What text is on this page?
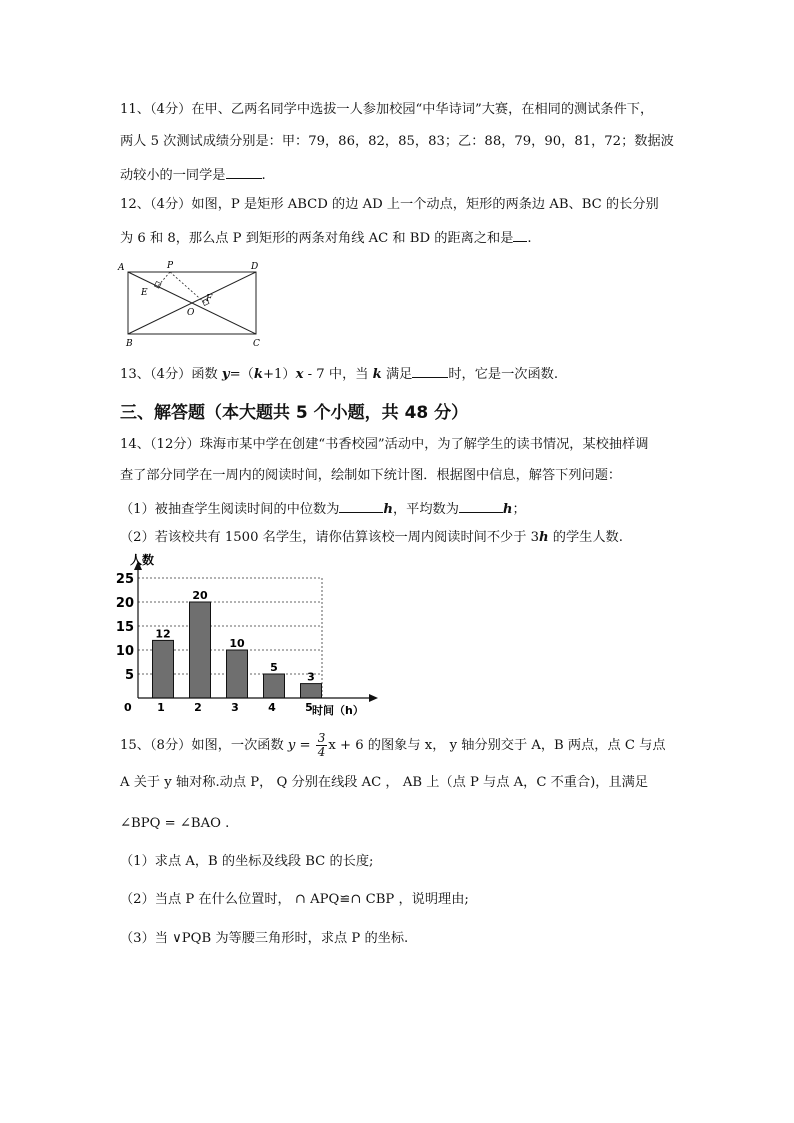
11、（4分）在甲、乙两名同学中选拔一人参加校园“中华诗词”大赛，在相同的测试条件下，
两人 5 次测试成绩分别是：甲：79，86，82，85，83；乙：88，79，90，81，72；数据波
动较小的一同学是	.
12、（4分）如图，P 是矩形 ABCD 的边 AD 上一个动点，矩形的两条边 AB、BC 的长分别
为 6 和 8，那么点 P 到矩形的两条对角线 AC 和 BD 的距离之和是 .
A	P	D
E
F
O
B	C
13、（4分）函数 y=（k+1）x - 7 中，当 k 满足	时，它是一次函数.
三、解答题（本大题共 5 个小题，共 48 分）
14、（12分）珠海市某中学在创建“书香校园”活动中，为了解学生的读书情况，某校抽样调
查了部分同学在一周内的阅读时间，绘制如下统计图．根据图中信息，解答下列问题：
（1）被抽查学生阅读时间的中位数为	h，平均数为	h；
（2）若该校共有 1500 名学生，请你估算该校一周内阅读时间不少于 3h 的学生人数.
5
10
15
20
25
12
1
20
2
10
3
5
4
3
5
人数
时间（h）
0
15、（8分）如图，一次函数 $y = \frac{3}{4}$ x + 6 的图象与 x， y 轴分别交于 A，B 两点，点 C 与点
A 关于 y 轴对称.动点 P， Q 分别在线段 AC ， AB 上（点 P 与点 A，C 不重合)，且满足
∠BPQ = ∠BAO .
（1）求点 A，B 的坐标及线段 BC 的长度;
（2）当点 P 在什么位置时， ∩ APQ≌∩ CBP ，说明理由;
（3）当 ∨PQB 为等腰三角形时，求点 P 的坐标.
